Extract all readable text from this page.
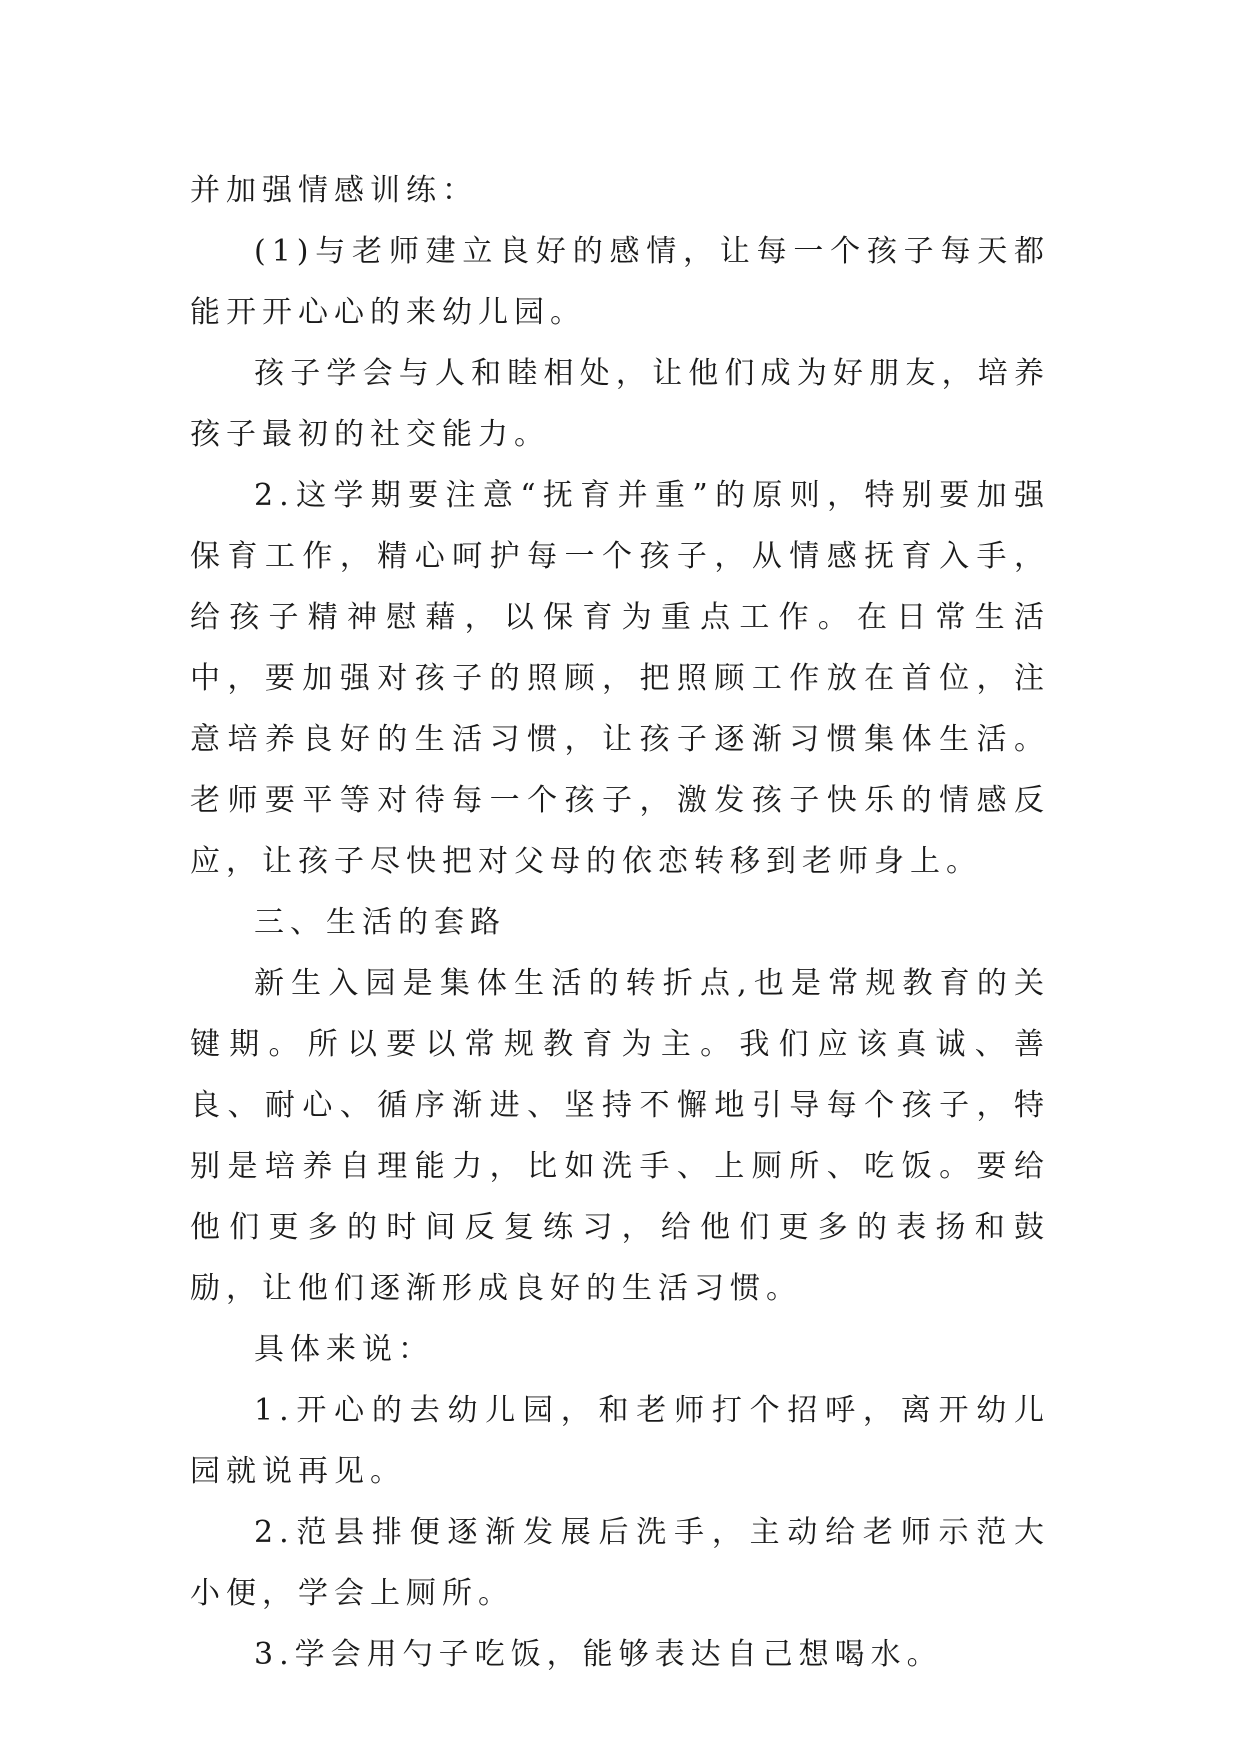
并加强情感训练：

(1)与老师建立良好的感情，让每一个孩子每天都能开开心心的来幼儿园。

孩子学会与人和睦相处，让他们成为好朋友，培养孩子最初的社交能力。

2.这学期要注意“抚育并重”的原则，特别要加强保育工作，精心呵护每一个孩子，从情感抚育入手，给孩子精神慰藉，以保育为重点工作。在日常生活中，要加强对孩子的照顾，把照顾工作放在首位，注意培养良好的生活习惯，让孩子逐渐习惯集体生活。老师要平等对待每一个孩子，激发孩子快乐的情感反应，让孩子尽快把对父母的依恋转移到老师身上。

三、生活的套路

新生入园是集体生活的转折点,也是常规教育的关键期。所以要以常规教育为主。我们应该真诚、善良、耐心、循序渐进、坚持不懈地引导每个孩子，特别是培养自理能力，比如洗手、上厕所、吃饭。要给他们更多的时间反复练习，给他们更多的表扬和鼓励，让他们逐渐形成良好的生活习惯。

具体来说：

1.开心的去幼儿园，和老师打个招呼，离开幼儿园就说再见。

2.范县排便逐渐发展后洗手，主动给老师示范大小便，学会上厕所。

3.学会用勺子吃饭，能够表达自己想喝水。
